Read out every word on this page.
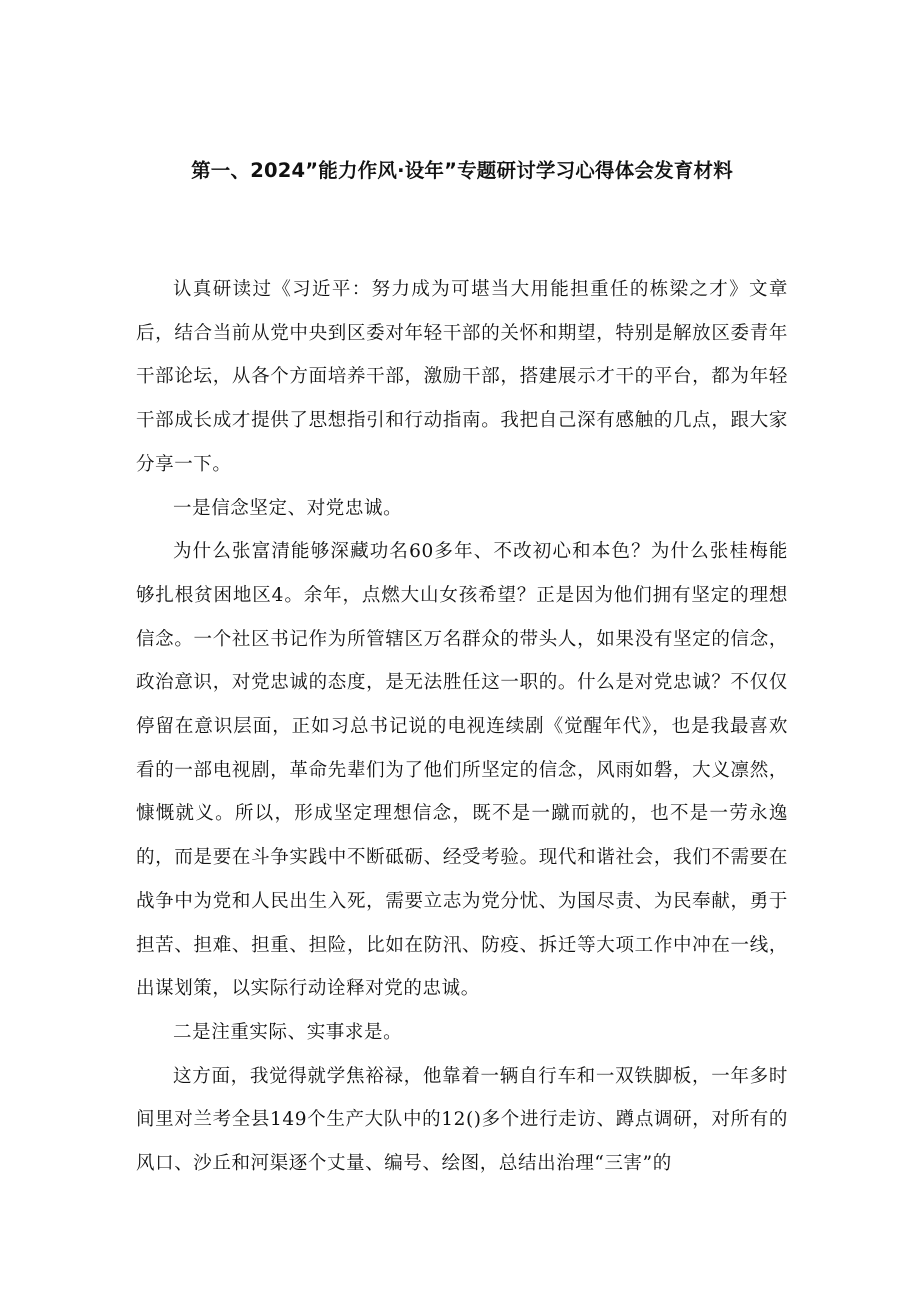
第一、2024”能力作风·设年”专题研讨学习心得体会发育材料

认真研读过《习近平：努力成为可堪当大用能担重任的栋梁之才》文章后，结合当前从党中央到区委对年轻干部的关怀和期望，特别是解放区委青年干部论坛，从各个方面培养干部，激励干部，搭建展示才干的平台，都为年轻干部成长成才提供了思想指引和行动指南。我把自己深有感触的几点，跟大家分享一下。

一是信念坚定、对党忠诚。

为什么张富清能够深藏功名60多年、不改初心和本色？为什么张桂梅能够扎根贫困地区4。余年，点燃大山女孩希望？正是因为他们拥有坚定的理想信念。一个社区书记作为所管辖区万名群众的带头人，如果没有坚定的信念，政治意识，对党忠诚的态度，是无法胜任这一职的。什么是对党忠诚？不仅仅停留在意识层面，正如习总书记说的电视连续剧《觉醒年代》，也是我最喜欢看的一部电视剧，革命先辈们为了他们所坚定的信念，风雨如磐，大义凛然，慷慨就义。所以，形成坚定理想信念，既不是一蹴而就的，也不是一劳永逸的，而是要在斗争实践中不断砥砺、经受考验。现代和谐社会，我们不需要在战争中为党和人民出生入死，需要立志为党分忧、为国尽责、为民奉献，勇于担苦、担难、担重、担险，比如在防汛、防疫、拆迁等大项工作中冲在一线，出谋划策，以实际行动诠释对党的忠诚。

二是注重实际、实事求是。

这方面，我觉得就学焦裕禄，他靠着一辆自行车和一双铁脚板，一年多时间里对兰考全县149个生产大队中的12()多个进行走访、蹲点调研，对所有的风口、沙丘和河渠逐个丈量、编号、绘图，总结出治理“三害”的
